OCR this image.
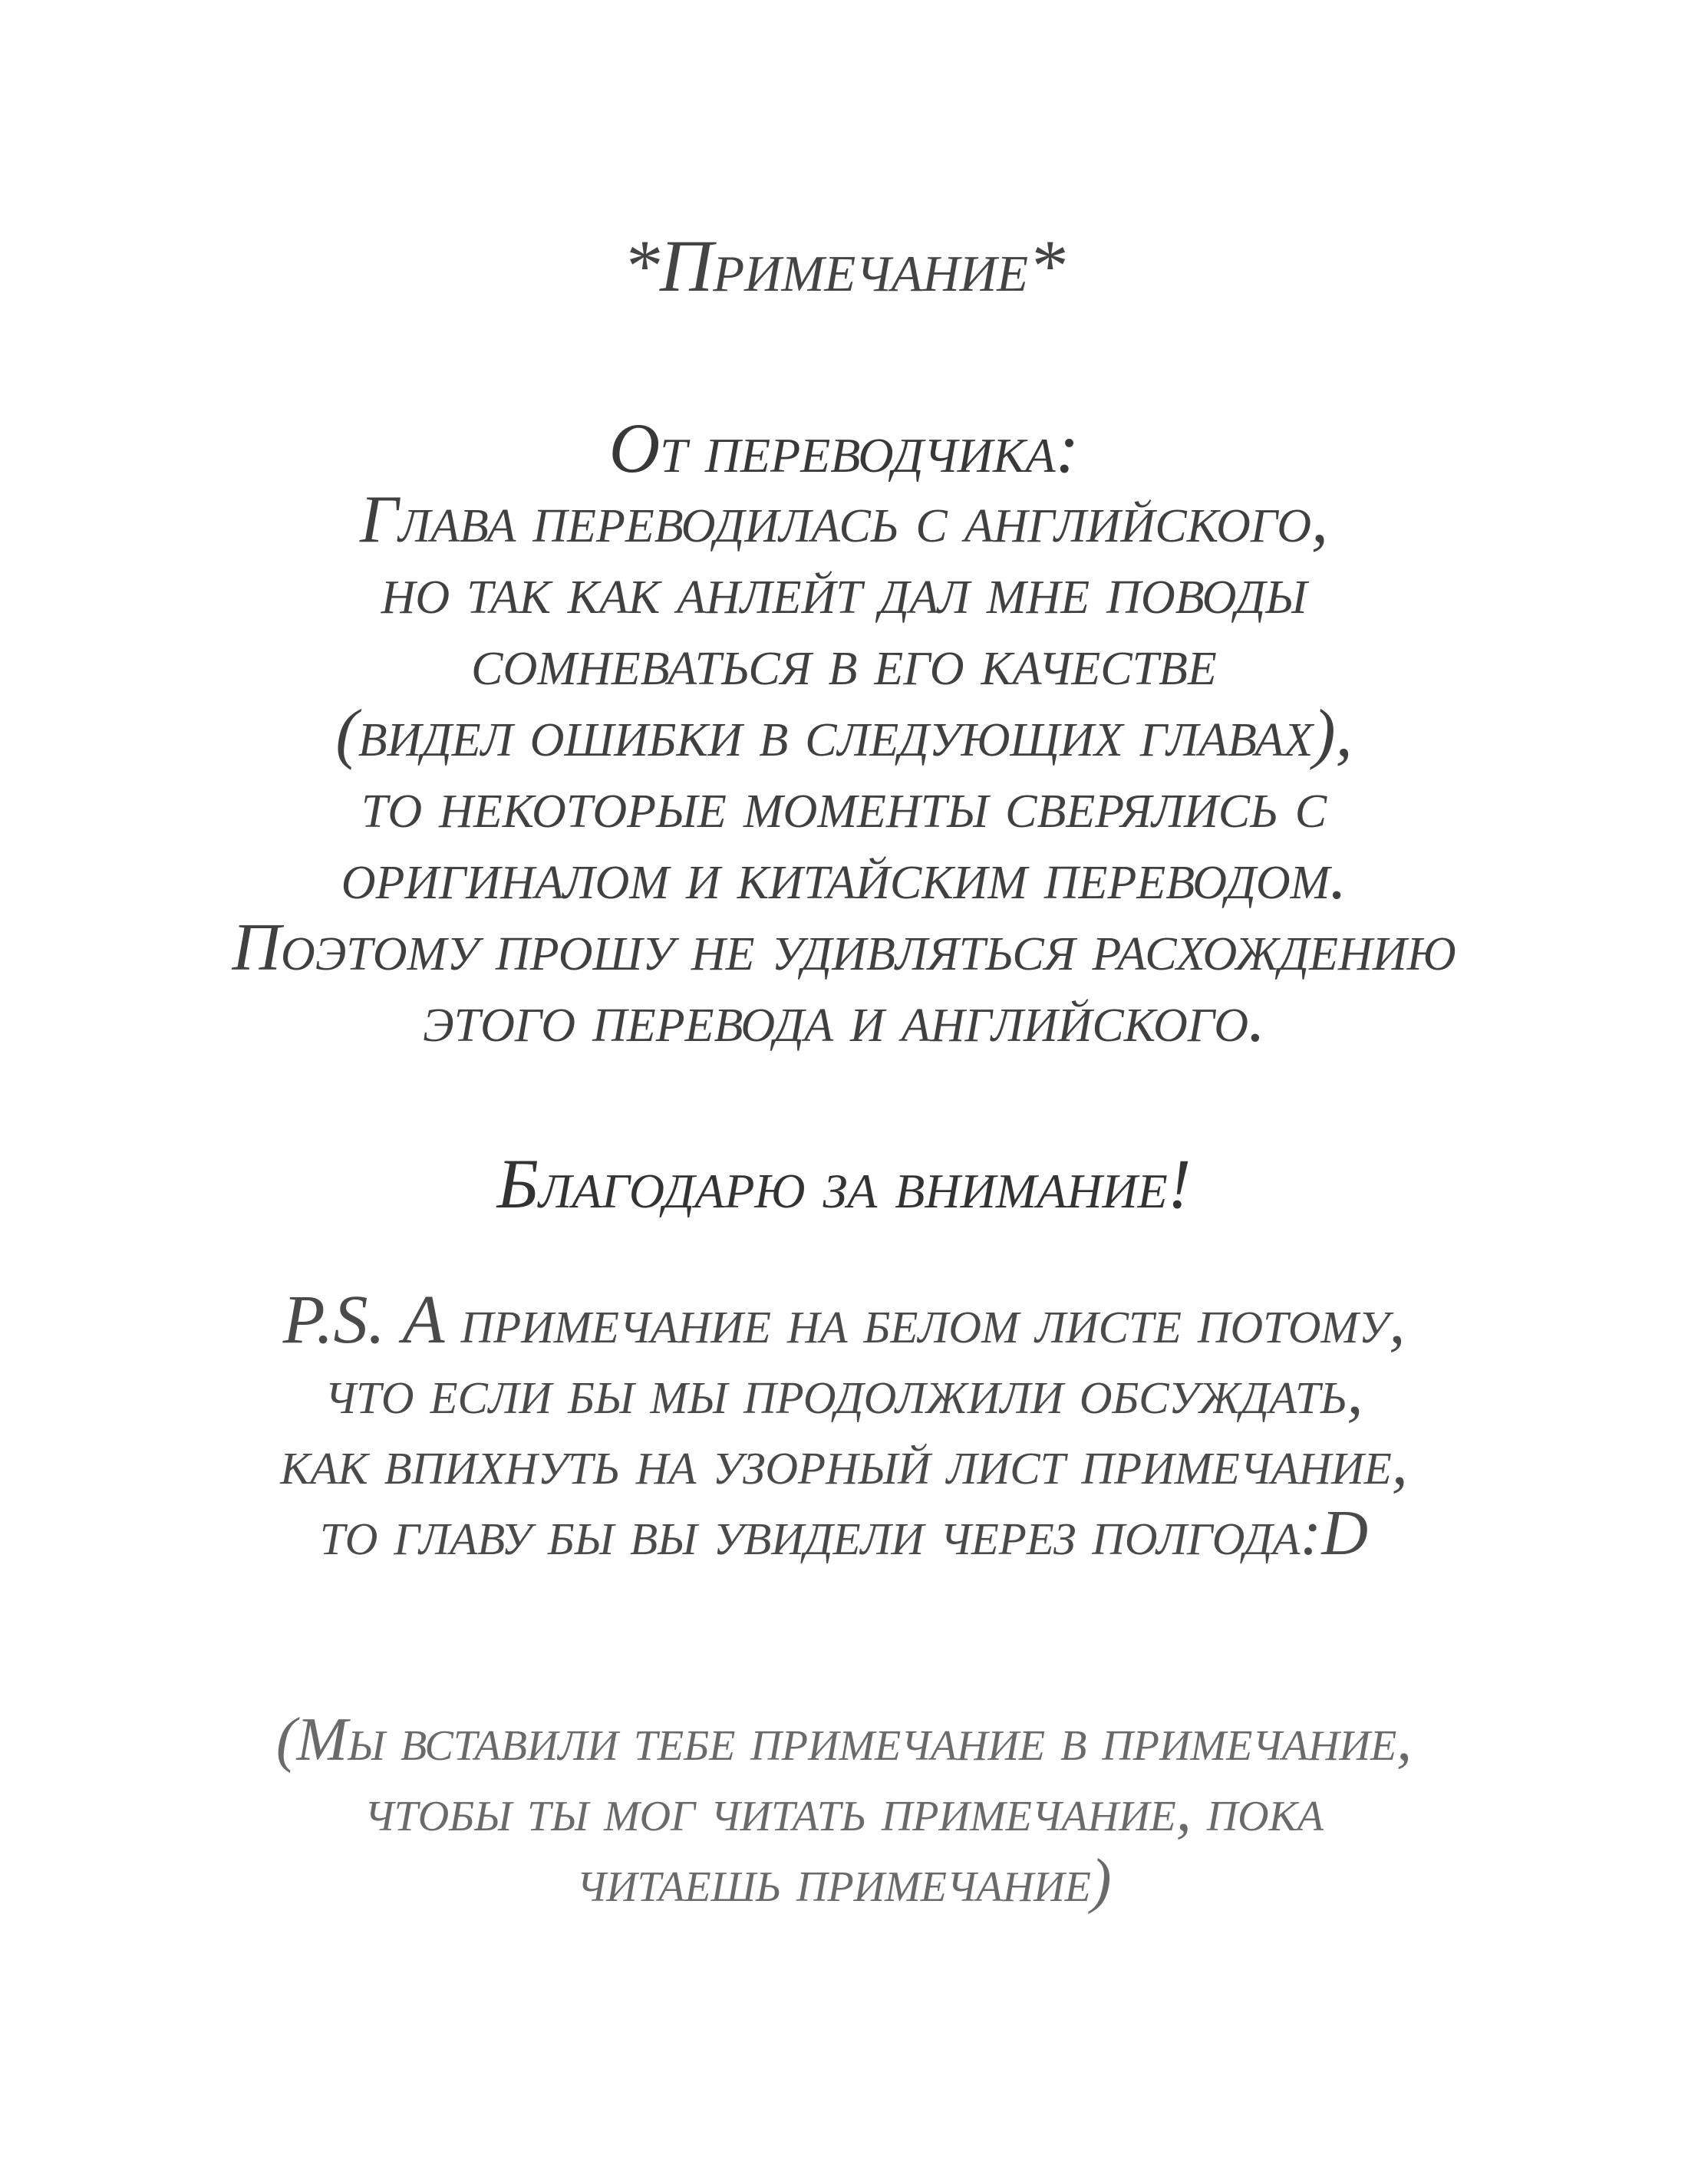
*Примечание*
От переводчика:
Глава переводилась с английского,
но так как анлейт дал мне поводы
сомневаться в его качестве
(видел ошибки в следующих главах),
то некоторые моменты сверялись с
оригиналом и китайским переводом.
Поэтому прошу не удивляться расхождению
этого перевода и английского.
Благодарю за внимание!
P.S. А примечание на белом листе потому,
что если бы мы продолжили обсуждать,
как впихнуть на узорный лист примечание,
то главу бы вы увидели через полгода:D
(Мы вставили тебе примечание в примечание,
чтобы ты мог читать примечание, пока
читаешь примечание)
